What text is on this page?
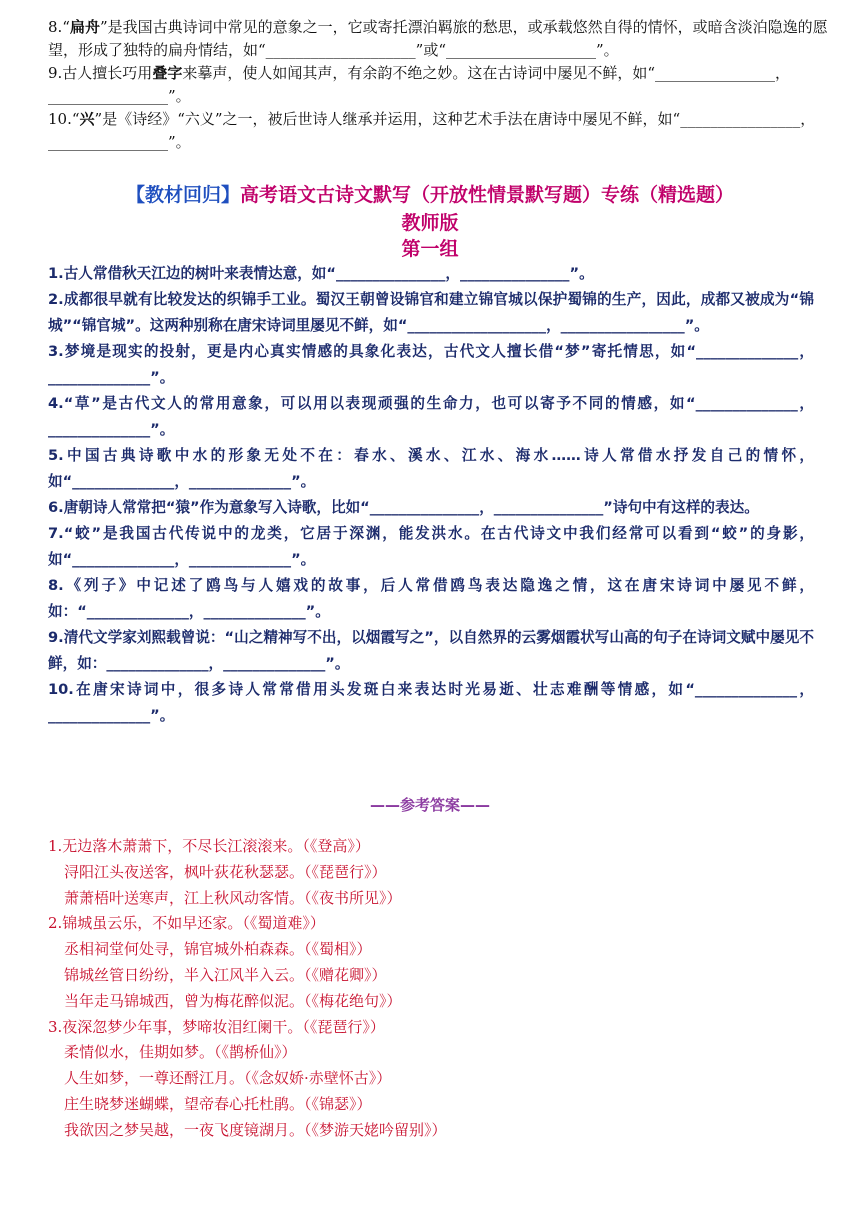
8.“扁舟”是我国古典诗词中常见的意象之一，它或寄托漂泊羁旅的愁思，或承载悠然自得的情怀，或暗含淡泊隐逸的愿望，形成了独特的扁舟情结，如“____________________”或“____________________”。

9.古人擅长巧用叠字来摹声，使人如闻其声，有余韵不绝之妙。这在古诗词中屡见不鲜，如“________________，________________”。

10.“兴”是《诗经》“六义”之一，被后世诗人继承并运用，这种艺术手法在唐诗中屡见不鲜，如“________________，________________”。

【教材回归】高考语文古诗文默写（开放性情景默写题）专练（精选题）
教师版
第一组

1.古人常借秋天江边的树叶来表情达意，如“_______________，_______________”。

2.成都很早就有比较发达的织锦手工业。蜀汉王朝曾设锦官和建立锦官城以保护蜀锦的生产，因此，成都又被成为“锦城”“锦官城”。这两种别称在唐宋诗词里屡见不鲜，如“___________________，_________________”。

3.梦境是现实的投射，更是内心真实情感的具象化表达，古代文人擅长借“梦”寄托情思，如“______________，______________”。

4.“草”是古代文人的常用意象，可以用以表现顽强的生命力，也可以寄予不同的情感，如“______________，______________”。

5.中国古典诗歌中水的形象无处不在：春水、溪水、江水、海水……诗人常借水抒发自己的情怀，如“______________，______________”。

6.唐朝诗人常常把“猿”作为意象写入诗歌，比如“_______________，_______________”诗句中有这样的表达。

7.“蛟”是我国古代传说中的龙类，它居于深渊，能发洪水。在古代诗文中我们经常可以看到“蛟”的身影，如“______________，______________”。

8.《列子》中记述了鸥鸟与人嬉戏的故事，后人常借鸥鸟表达隐逸之情，这在唐宋诗词中屡见不鲜，如：“______________，______________”。

9.清代文学家刘熙载曾说：“山之精神写不出，以烟霞写之”，以自然界的云雾烟霞状写山高的句子在诗词文赋中屡见不鲜，如：______________，______________”。

10.在唐宋诗词中，很多诗人常常借用头发斑白来表达时光易逝、壮志难酬等情感，如“______________，______________”。

——参考答案——

1.无边落木萧萧下，不尽长江滚滚来。（《登高》）

浔阳江头夜送客，枫叶荻花秋瑟瑟。（《琵琶行》）

萧萧梧叶送寒声，江上秋风动客情。（《夜书所见》）

2.锦城虽云乐，不如早还家。（《蜀道难》）

丞相祠堂何处寻，锦官城外柏森森。（《蜀相》）

锦城丝管日纷纷，半入江风半入云。（《赠花卿》）

当年走马锦城西，曾为梅花醉似泥。（《梅花绝句》）

3.夜深忽梦少年事，梦啼妆泪红阑干。（《琵琶行》）

柔情似水，佳期如梦。（《鹊桥仙》）

人生如梦，一尊还酹江月。（《念奴娇·赤壁怀古》）

庄生晓梦迷蝴蝶，望帝春心托杜鹃。（《锦瑟》）

我欲因之梦吴越，一夜飞度镜湖月。（《梦游天姥吟留别》）
